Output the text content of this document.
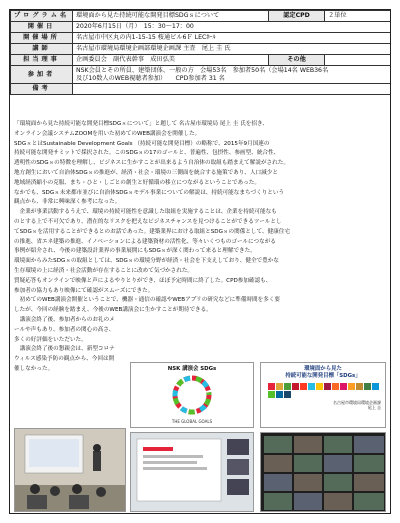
プログラム名	環境面から見た持続可能な開発目標SDGｓについて	認定CPD	２単位
開催日	2020年6月15日（月）　15：30～17：00		
開催場所	名古屋市中区丸の内1-15-15 桜通ビル6Ｆ LECﾎｰﾙ		
講師	名古屋市環境局環境企画部環境企画課 主査　尾上 圭 氏		
担当理事	企画委員会　副代表幹事　成田弘美	その他	
参加者	NSK会員とその所員、建築団体、一般の方　会場53名　参加者50名（会場14名 WEB36名
及び10数人のWEB視聴者参加）　　CPD参加者 31 名		

備考			

「環境面から見た持続可能な開発目標SDGｓについて」と題して 名古屋市環境局 尾上 圭 氏を招き、

オンライン会議システムZOOMを用いた初めてのWEB講演会を開催した。

SDGｓとはSustainable Development Goals （持続可能な開発目標）の略称で、2015年9月国連の

持続可能な開発サミットで採択された。このSDGｓの17のゴールと、普遍性、包摂性、参画型、統合性、

透明性のSDGｓの特徴を理解し、ビジネスに生かすことが出来るよう自治体の取組も踏まえて解説がされた。

地方創生において自治体SDGｓの推進が、経済・社会・環境の三側面を統合する施策であり、人口減少と

地域経済縮小の克服、まち・ひと・しごとの創生と好循環の移立につながるということであった。

なかでも、SDGｓ未来都市並びに自治体SDGｓモデル事業についての解説は、持続可能なまちづくりという

観点から、非常に興味深く参考になった。

　企業が事業活動するうえで、環境の持続可能性を意識した取組を実施することは、企業を持続可能なも

のとする上で不可欠であり、潜在的なリスクを把えなビジネスチャンスを見つけることができるツールとし

てSDGｓを活用することができるとのお話であった。建築業界における取組とSDGｓの関係として、健康住宅

の推進、省エネ建築の推進、イノベーションによる建築資材の活性化、等々いくつものゴールにつながる

事例が紹介され、今後の建築設計業界の事業展開にもSDGｓが深く関わって来ると理解できた。

環境面からみたSDGｓの取組としては、SDGｓの環境分野が経済・社会を下支えしており、健全で豊かな

生存環境の上に経済・社会活動が存在することに改めて気づかされた。

質疑応答もオンラインで映像と声によるやりとりができ、ほぼ予定時間に終了した。CPD参加確認も、

参加者の協力もあり映像にて確認がスムーズにできた。

　初めてのWEB講演会開催ということで、機器・通信の確認やWEBアプリの研究などに準備時間を多く要

したが、今回の経験を踏まえ、今後のWEB講演会に生かすことが期待できる。

　講演会終了後、参加者からのお礼のメ

ールや声もあり、参加者の関心の高さ、

多くの好評価をいただいた。

　講演会終了後の懇親会は、新型コロナ

ウィルス感染予防の観点から、今回は開

催しなかった。	NSK 講演会 SDGs
THE GLOBAL GOALS
環境面から見た
持続可能な開発目標「SDGs」
名古屋市環境局環境企画課
尾上 圭
